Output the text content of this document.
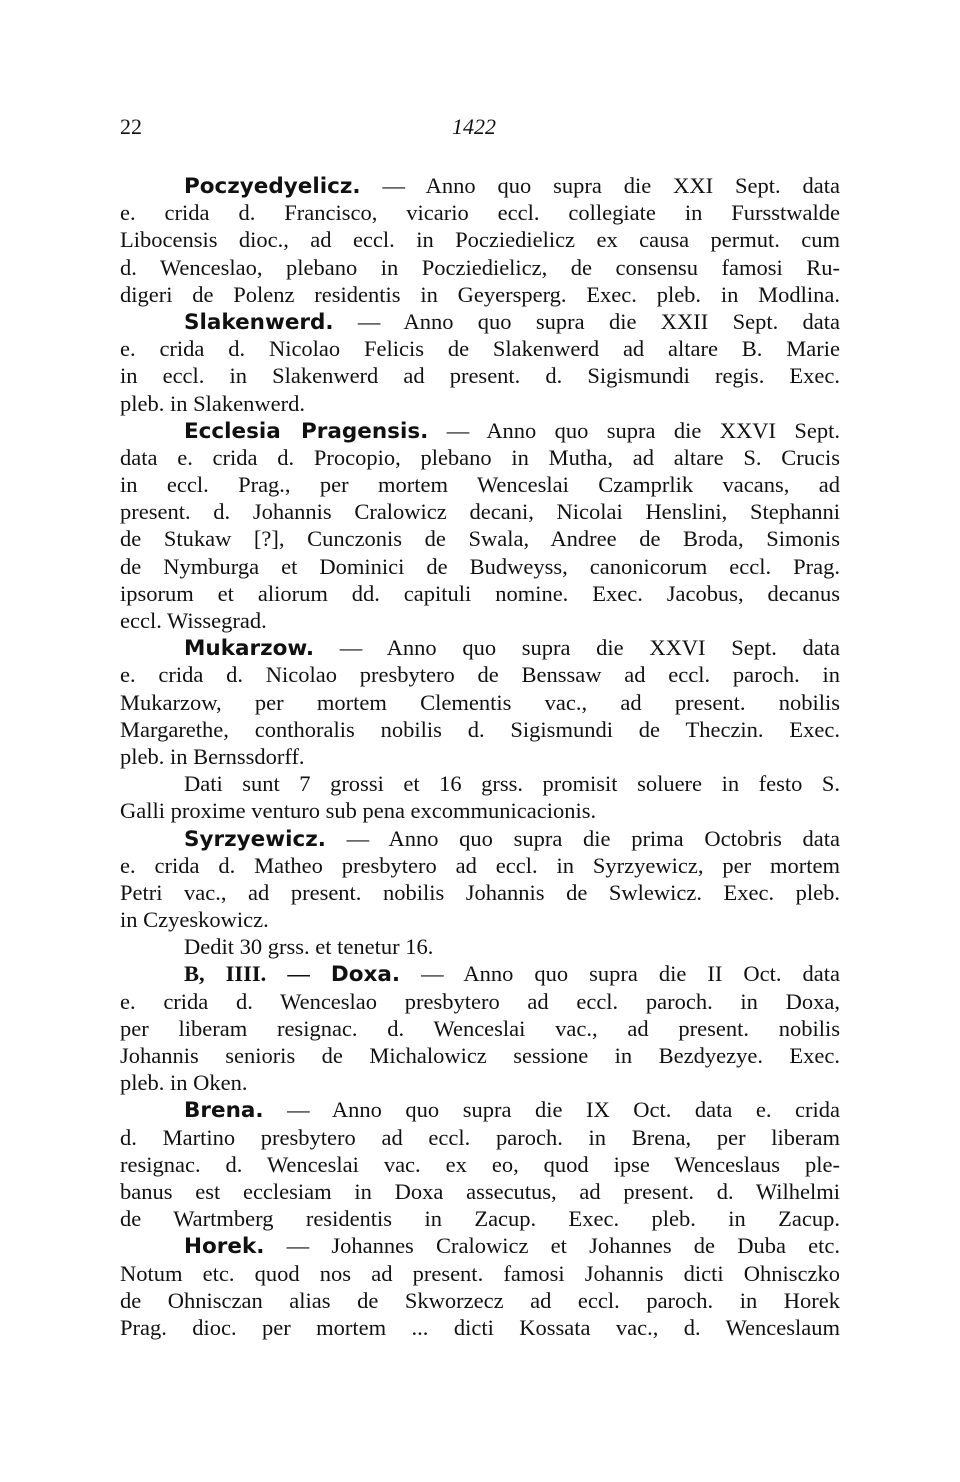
22	1422
Poczyedyelicz. — Anno quo supra die XXI Sept. data
e. crida d. Francisco, vicario eccl. collegiate in Fursstwalde
Libocensis dioc., ad eccl. in Pocziedielicz ex causa permut. cum
d. Wenceslao, plebano in Pocziedielicz, de consensu famosi Ru-
digeri de Polenz residentis in Geyersperg. Exec. pleb. in Modlina.
Slakenwerd. — Anno quo supra die XXII Sept. data
e. crida d. Nicolao Felicis de Slakenwerd ad altare B. Marie
in eccl. in Slakenwerd ad present. d. Sigismundi regis. Exec.
pleb. in Slakenwerd.
Ecclesia Pragensis. — Anno quo supra die XXVI Sept.
data e. crida d. Procopio, plebano in Mutha, ad altare S. Crucis
in eccl. Prag., per mortem Wenceslai Czamprlik vacans, ad
present. d. Johannis Cralowicz decani, Nicolai Henslini, Stephanni
de Stukaw [?], Cunczonis de Swala, Andree de Broda, Simonis
de Nymburga et Dominici de Budweyss, canonicorum eccl. Prag.
ipsorum et aliorum dd. capituli nomine. Exec. Jacobus, decanus
eccl. Wissegrad.
Mukarzow. — Anno quo supra die XXVI Sept. data
e. crida d. Nicolao presbytero de Benssaw ad eccl. paroch. in
Mukarzow, per mortem Clementis vac., ad present. nobilis
Margarethe, conthoralis nobilis d. Sigismundi de Theczin. Exec.
pleb. in Bernssdorff.
Dati sunt 7 grossi et 16 grss. promisit soluere in festo S.
Galli proxime venturo sub pena excommunicacionis.
Syrzyewicz. — Anno quo supra die prima Octobris data
e. crida d. Matheo presbytero ad eccl. in Syrzyewicz, per mortem
Petri vac., ad present. nobilis Johannis de Swlewicz. Exec. pleb.
in Czyeskowicz.
Dedit 30 grss. et tenetur 16.
B, IIII. — Doxa. — Anno quo supra die II Oct. data
e. crida d. Wenceslao presbytero ad eccl. paroch. in Doxa,
per liberam resignac. d. Wenceslai vac., ad present. nobilis
Johannis senioris de Michalowicz sessione in Bezdyezye. Exec.
pleb. in Oken.
Brena. — Anno quo supra die IX Oct. data e. crida
d. Martino presbytero ad eccl. paroch. in Brena, per liberam
resignac. d. Wenceslai vac. ex eo, quod ipse Wenceslaus ple-
banus est ecclesiam in Doxa assecutus, ad present. d. Wilhelmi
de Wartmberg residentis in Zacup. Exec. pleb. in Zacup.
Horek. — Johannes Cralowicz et Johannes de Duba etc.
Notum etc. quod nos ad present. famosi Johannis dicti Ohnisczko
de Ohnisczan alias de Skworzecz ad eccl. paroch. in Horek
Prag. dioc. per mortem ... dicti Kossata vac., d. Wenceslaum
